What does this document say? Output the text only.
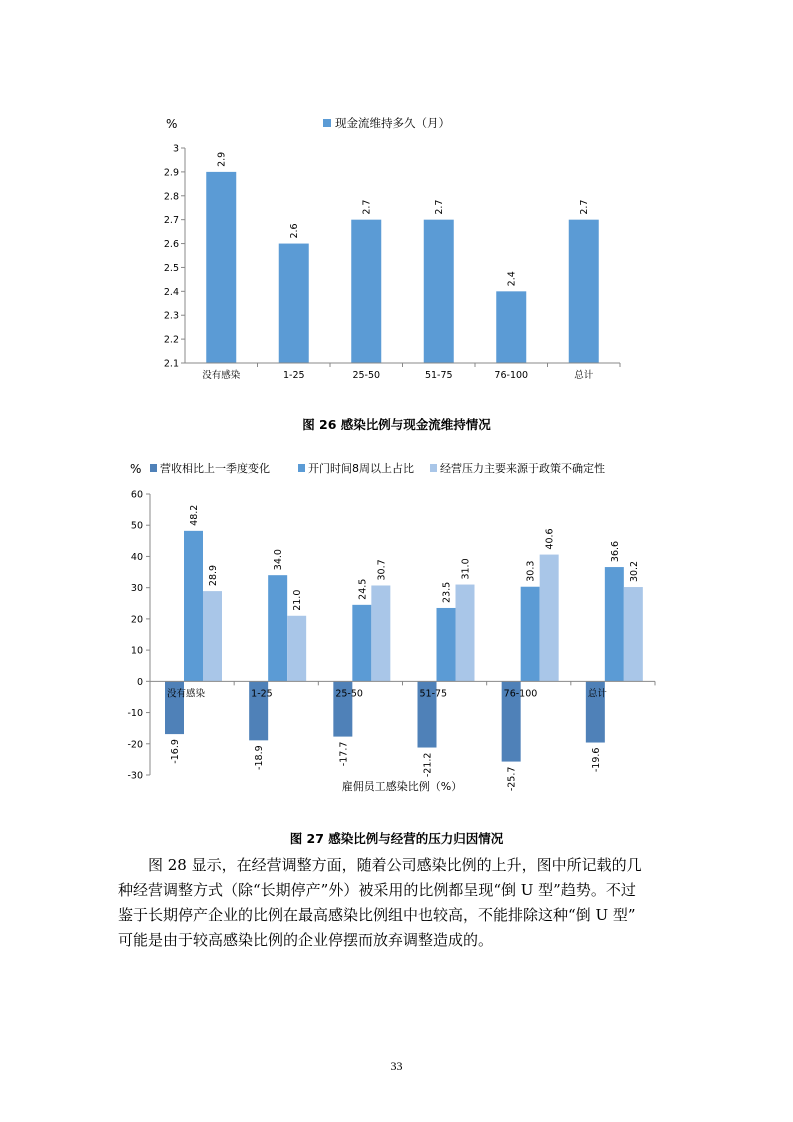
%	现金流维持多久（月）
2.1
2.2
2.3
2.4
2.5
2.6
2.7
2.8
2.9
3
2.9
没有感染
2.6
1-25
2.7
25-50
2.7
51-75
2.4
76-100
2.7
总计
图 26 感染比例与现金流维持情况
% 营收相比上一季度变化	开门时间8周以上占比 经营压力主要来源于政策不确定性
-30
-20
-10
0
10
20
30
40
50
60
-16.9
48.2
28.9
没有感染
-18.9
34.0
21.0
1-25
-17.7
24.5
30.7
25-50
-21.2
23.5
31.0
51-75
-25.7
30.3
40.6
76-100
-19.6
36.6
30.2
总计
雇佣员工感染比例（%）
图 27 感染比例与经营的压力归因情况
　　图 28 显示，在经营调整方面，随着公司感染比例的上升，图中所记载的几
种经营调整方式（除“长期停产”外）被采用的比例都呈现“倒 U 型”趋势。不过
鉴于长期停产企业的比例在最高感染比例组中也较高，不能排除这种“倒 U 型”
可能是由于较高感染比例的企业停摆而放弃调整造成的。
33
